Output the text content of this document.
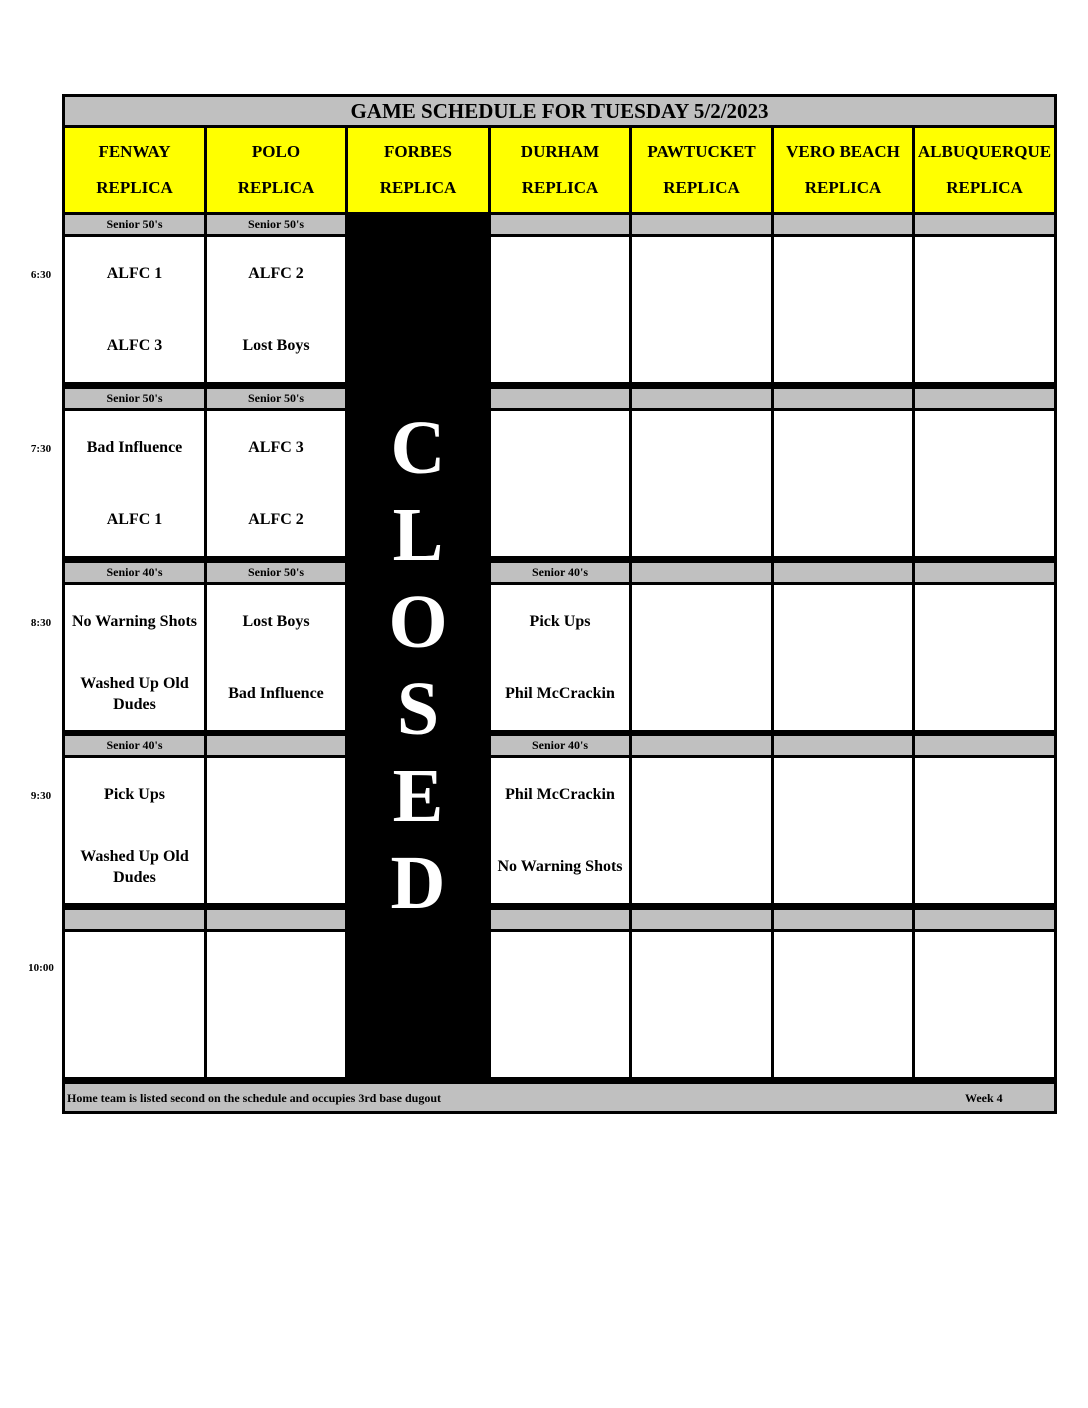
GAME SCHEDULE FOR TUESDAY 5/2/2023
FENWAY
REPLICA
POLO
REPLICA
FORBES
REPLICA
DURHAM
REPLICA
PAWTUCKET
REPLICA
VERO BEACH
REPLICA
ALBUQUERQUE
REPLICA
6:30
Senior 50's
ALFC 1
ALFC 3
Senior 50's
ALFC 2
Lost Boys
7:30
Senior 50's
Bad Influence
ALFC 1
Senior 50's
ALFC 3
ALFC 2
8:30
Senior 40's
No Warning Shots
Washed Up Old Dudes
Senior 50's
Lost Boys
Bad Influence
Senior 40's
Pick Ups
Phil McCrackin
9:30
Senior 40's
Pick Ups
Washed Up Old Dudes
Senior 40's
Phil McCrackin
No Warning Shots
10:00
C
L
O
S
E
D
Home team is listed second on the schedule and occupies 3rd base dugout	Week 4
